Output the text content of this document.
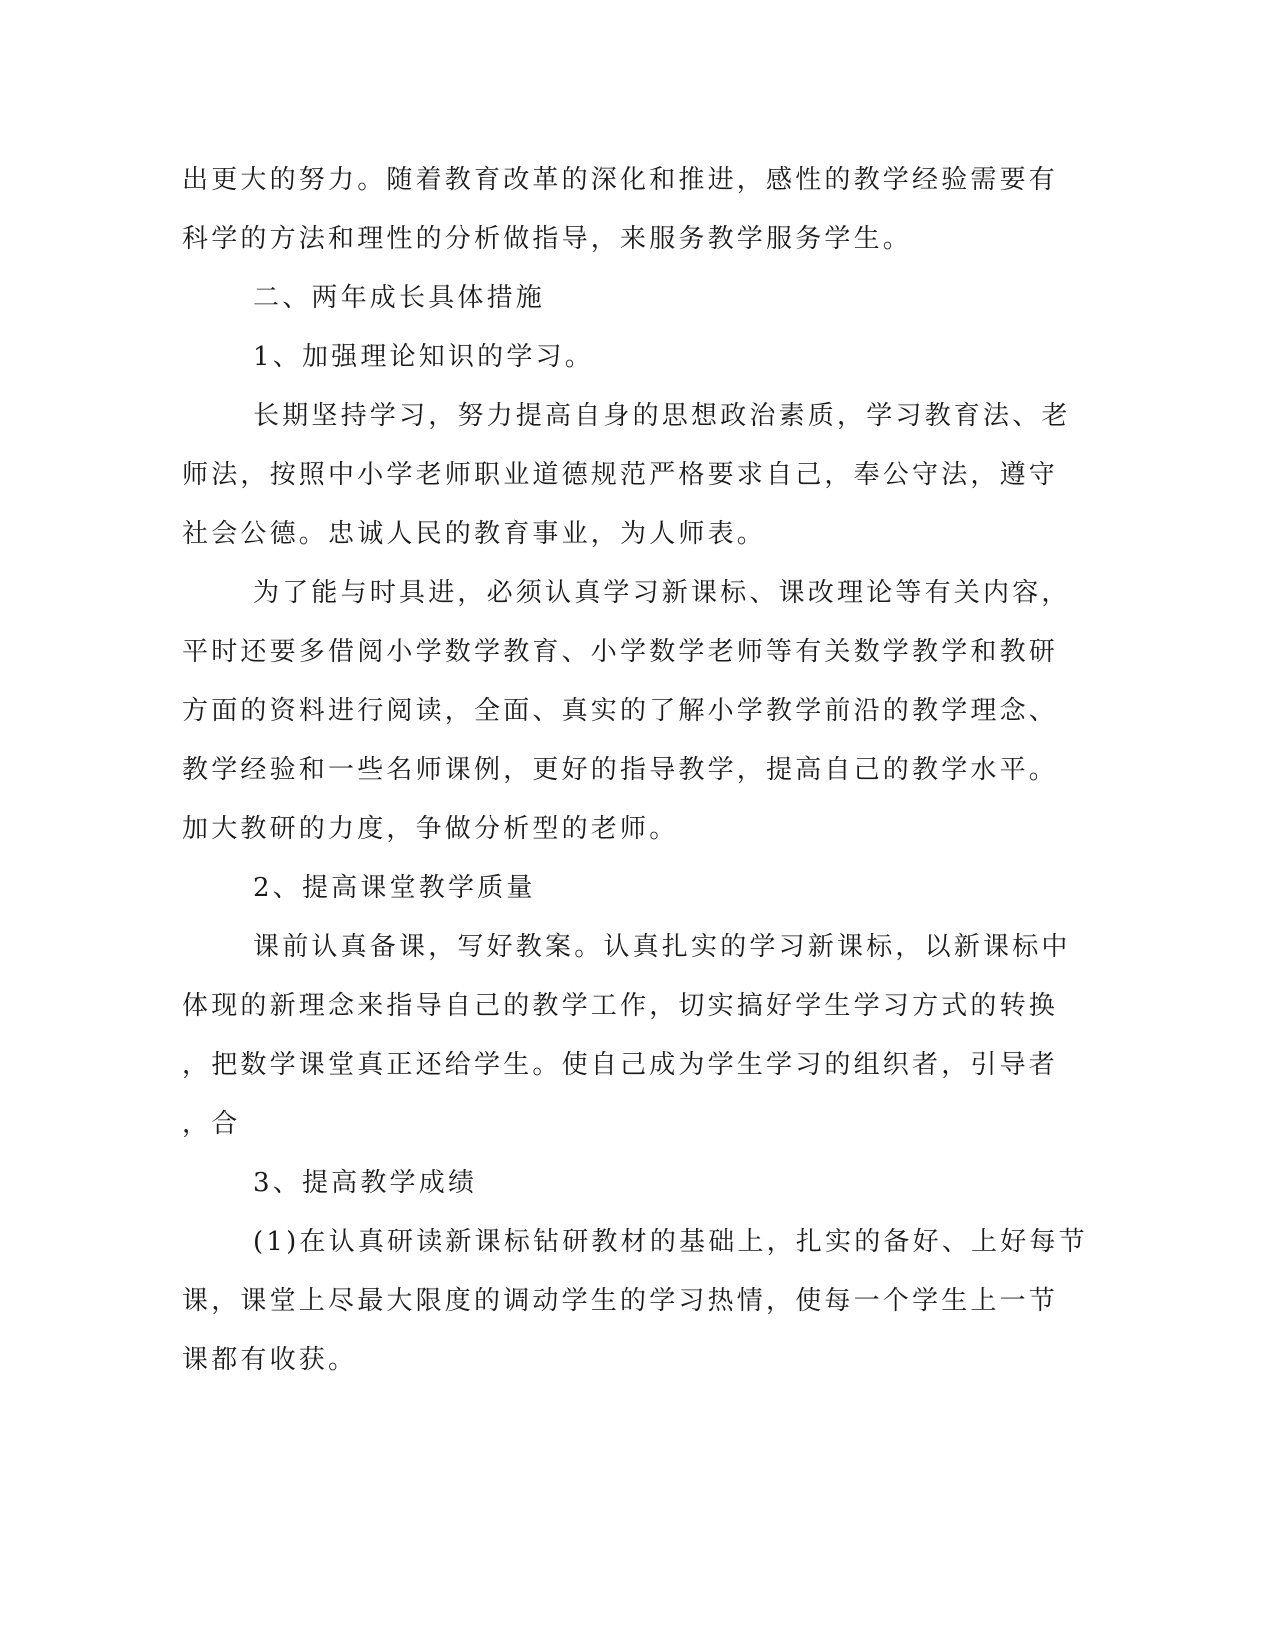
出更大的努力。随着教育改革的深化和推进，感性的教学经验需要有
科学的方法和理性的分析做指导，来服务教学服务学生。
二、两年成长具体措施
1、加强理论知识的学习。
长期坚持学习，努力提高自身的思想政治素质，学习教育法、老
师法，按照中小学老师职业道德规范严格要求自己，奉公守法，遵守
社会公德。忠诚人民的教育事业，为人师表。
为了能与时具进，必须认真学习新课标、课改理论等有关内容，
平时还要多借阅小学数学教育、小学数学老师等有关数学教学和教研
方面的资料进行阅读，全面、真实的了解小学教学前沿的教学理念、
教学经验和一些名师课例，更好的指导教学，提高自己的教学水平。
加大教研的力度，争做分析型的老师。
2、提高课堂教学质量
课前认真备课，写好教案。认真扎实的学习新课标，以新课标中
体现的新理念来指导自己的教学工作，切实搞好学生学习方式的转换
，把数学课堂真正还给学生。使自己成为学生学习的组织者，引导者
，合
3、提高教学成绩
(1)在认真研读新课标钻研教材的基础上，扎实的备好、上好每节
课，课堂上尽最大限度的调动学生的学习热情，使每一个学生上一节
课都有收获。
